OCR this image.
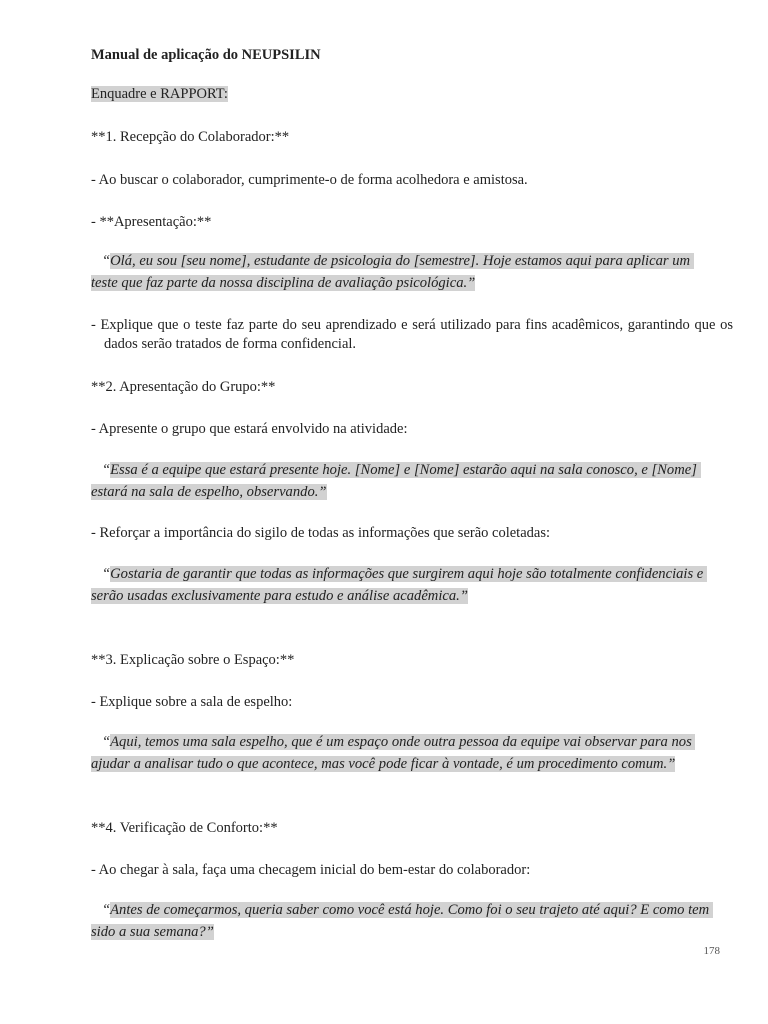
Manual de aplicação do NEUPSILIN
Enquadre e RAPPORT:
**1. Recepção do Colaborador:**
- Ao buscar o colaborador, cumprimente-o de forma acolhedora e amistosa.
- **Apresentação:**
“Olá, eu sou [seu nome], estudante de psicologia do [semestre]. Hoje estamos aqui para aplicar um teste que faz parte da nossa disciplina de avaliação psicológica.”
- Explique que o teste faz parte do seu aprendizado e será utilizado para fins acadêmicos, garantindo que os dados serão tratados de forma confidencial.
**2. Apresentação do Grupo:**
- Apresente o grupo que estará envolvido na atividade:
“Essa é a equipe que estará presente hoje. [Nome] e [Nome] estarão aqui na sala conosco, e [Nome] estará na sala de espelho, observando.”
- Reforçar a importância do sigilo de todas as informações que serão coletadas:
“Gostaria de garantir que todas as informações que surgirem aqui hoje são totalmente confidenciais e serão usadas exclusivamente para estudo e análise acadêmica.”
**3. Explicação sobre o Espaço:**
- Explique sobre a sala de espelho:
“Aqui, temos uma sala espelho, que é um espaço onde outra pessoa da equipe vai observar para nos ajudar a analisar tudo o que acontece, mas você pode ficar à vontade, é um procedimento comum.”
**4. Verificação de Conforto:**
- Ao chegar à sala, faça uma checagem inicial do bem-estar do colaborador:
“Antes de começarmos, queria saber como você está hoje. Como foi o seu trajeto até aqui? E como tem sido a sua semana?”
178
